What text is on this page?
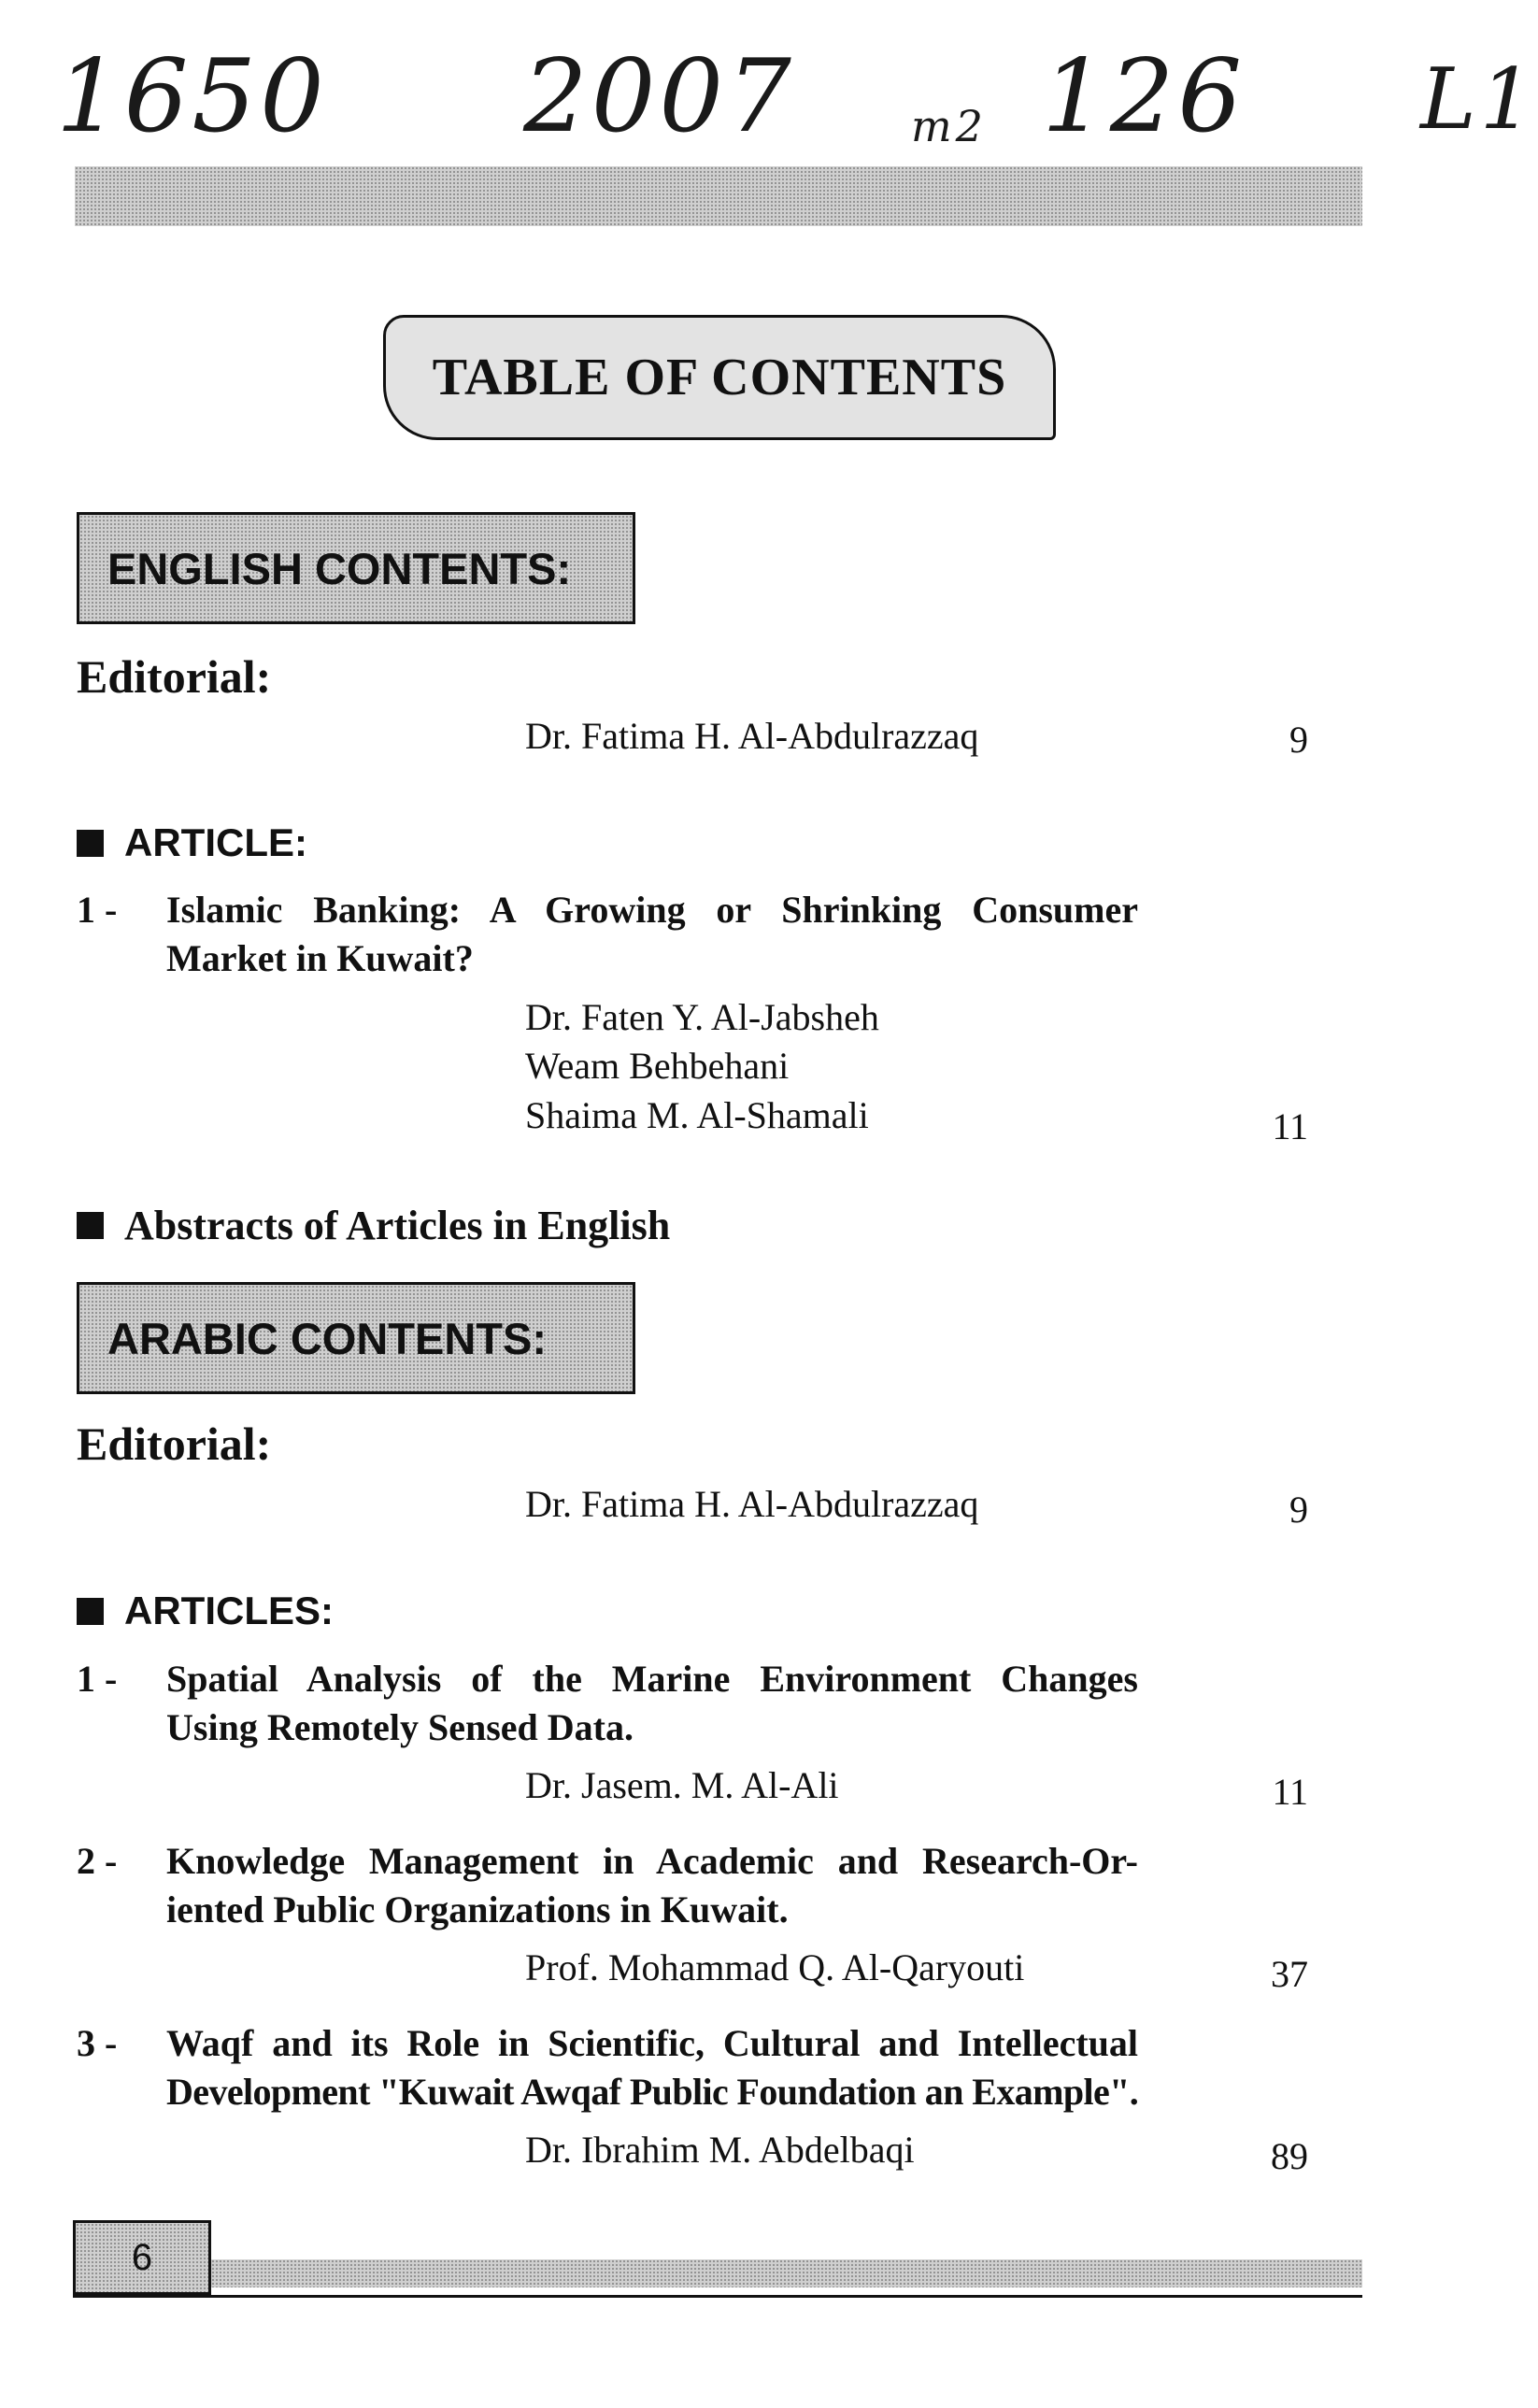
1650 2007	m2 126 L1
TABLE OF CONTENTS
ENGLISH CONTENTS:
Editorial:
Dr. Fatima H. Al-Abdulrazzaq	9
ARTICLE:
1 - Islamic Banking: A Growing or Shrinking Consumer
Market in Kuwait?
Dr. Faten Y. Al-Jabsheh
Weam Behbehani
Shaima M. Al-Shamali	11
Abstracts of Articles in English
ARABIC CONTENTS:
Editorial:
Dr. Fatima H. Al-Abdulrazzaq	9
ARTICLES:
1 - Spatial Analysis of the Marine Environment Changes
Using Remotely Sensed Data.
Dr. Jasem. M. Al-Ali	11
2 - Knowledge Management in Academic and Research-Or-
iented Public Organizations in Kuwait.
Prof. Mohammad Q. Al-Qaryouti	37
3 - Waqf and its Role in Scientific, Cultural and Intellectual
Development "Kuwait Awqaf Public Foundation an Example".
Dr. Ibrahim M. Abdelbaqi	89
6
